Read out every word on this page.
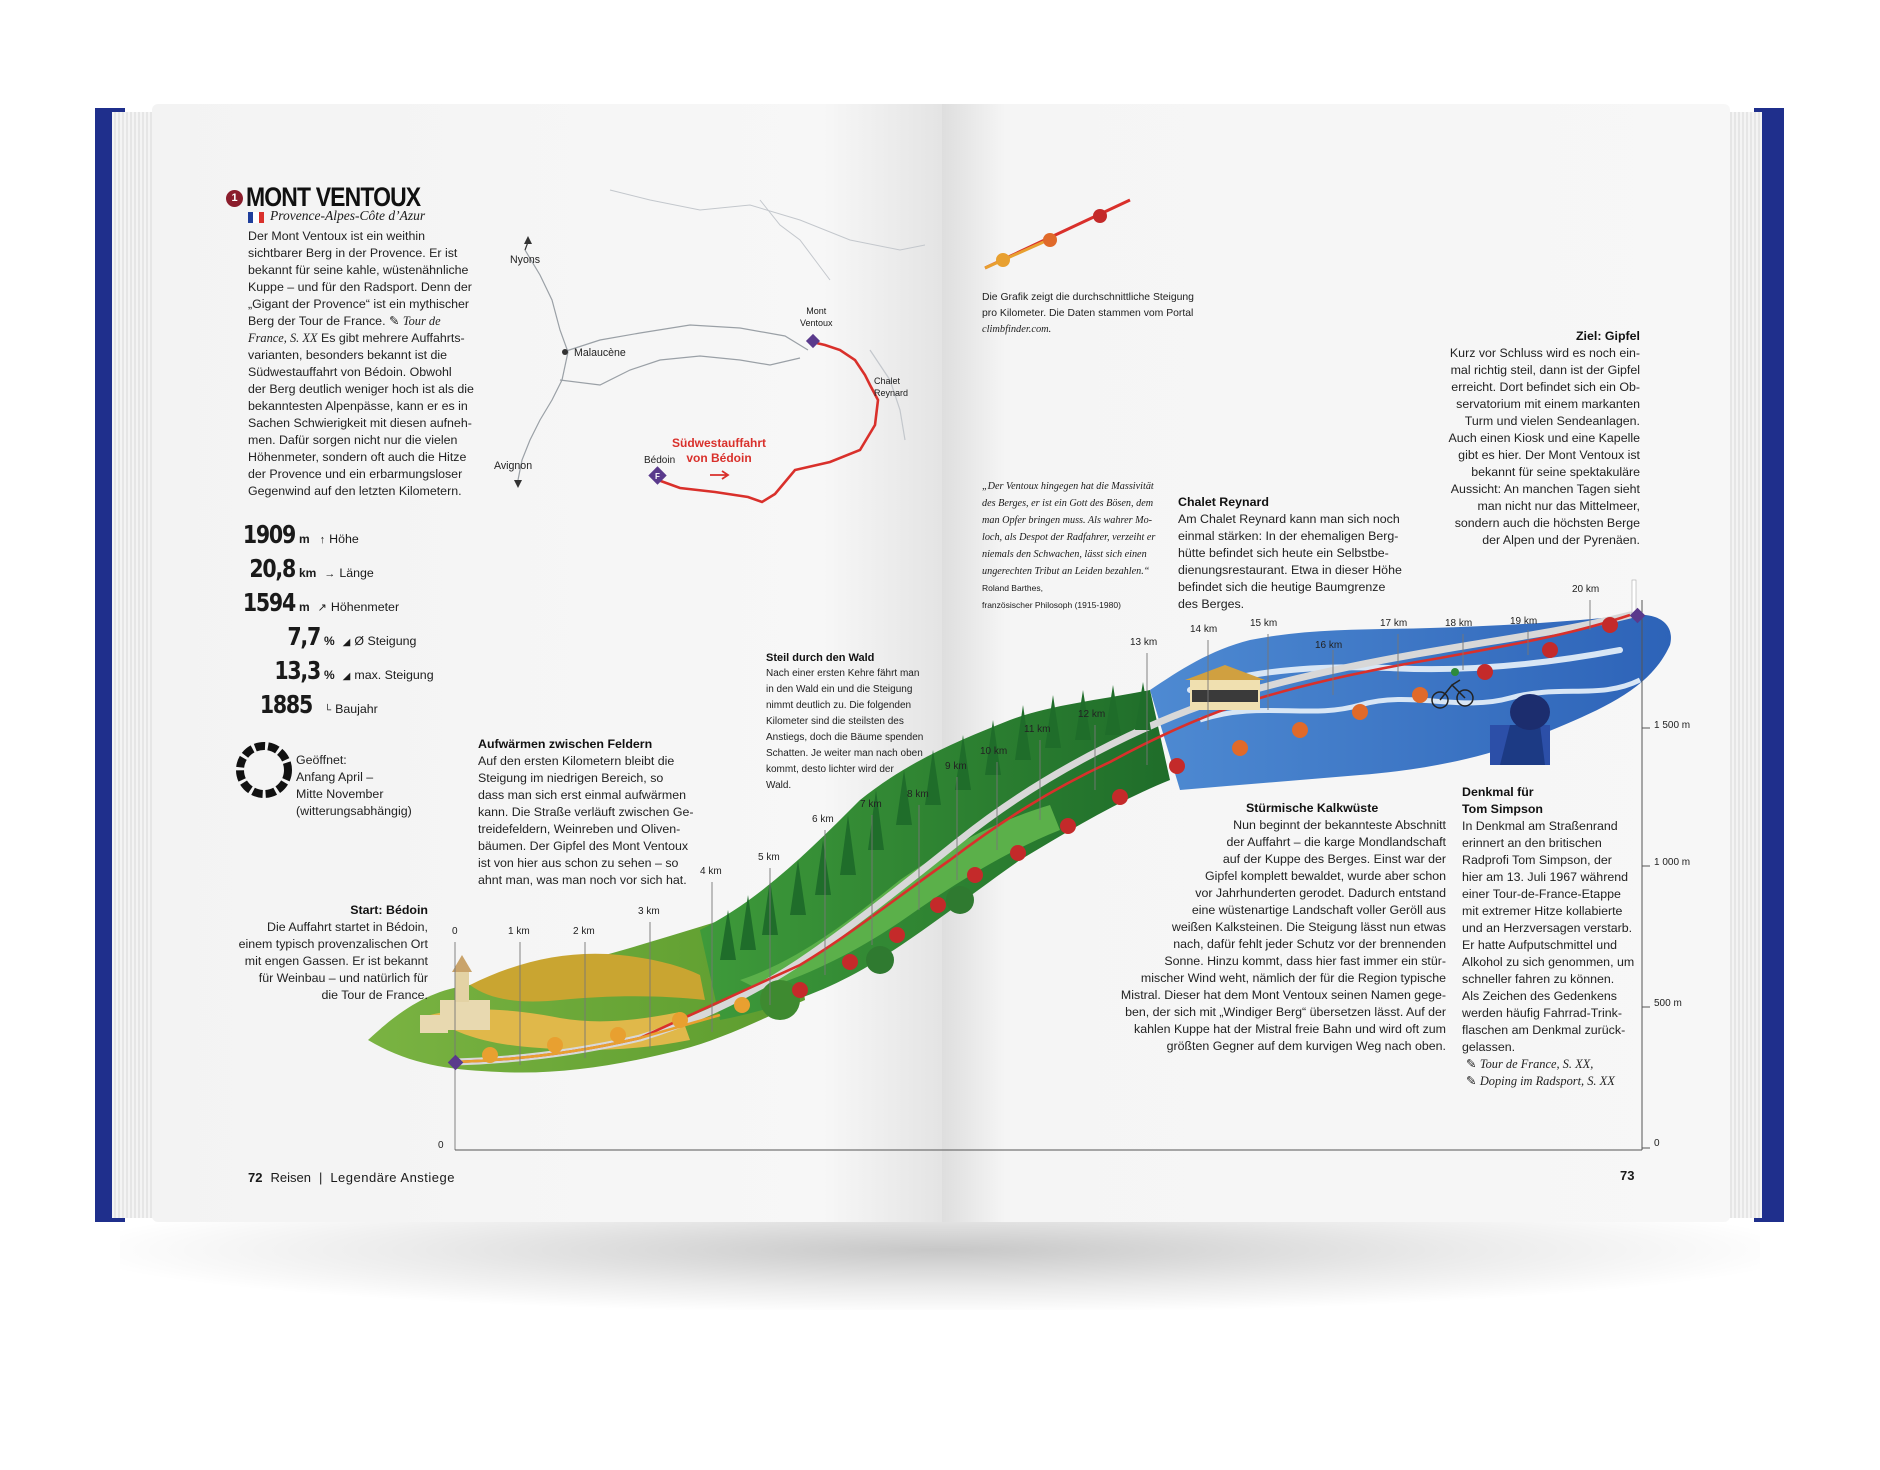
F
1 MONT VENTOUX
Provence-Alpes-Côte d’Azur
Der Mont Ventoux ist ein weithin
sichtbarer Berg in der Provence. Er ist
bekannt für seine kahle, wüstenähnliche
Kuppe – und für den Radsport. Denn der
„Gigant der Provence“ ist ein mythischer
Berg der Tour de France. ✎ Tour de
France, S. XX Es gibt mehrere Auffahrts-
varianten, besonders bekannt ist die
Südwestauffahrt von Bédoin. Obwohl
der Berg deutlich weniger hoch ist als die
bekanntesten Alpenpässe, kann er es in
Sachen Schwierigkeit mit diesen aufneh-
men. Dafür sorgen nicht nur die vielen
Höhenmeter, sondern oft auch die Hitze
der Provence und ein erbarmungsloser
Gegenwind auf den letzten Kilometern.
1909 m ↑ Höhe
20,8 km → Länge
1594 m ↗ Höhenmeter
7,7 % ◢ Ø Steigung
13,3 % ◢ max. Steigung
1885 └ Baujahr
Geöffnet:
Anfang April –
Mitte November
(witterungsabhängig)
Nyons
Malaucène
Avignon	Bédoin
Mont
Ventoux
Chalet
Reynard
Südwestauffahrt
von Bédoin
Start: Bédoin
Die Auffahrt startet in Bédoin,
einem typisch provenzalischen Ort
mit engen Gassen. Er ist bekannt
für Weinbau – und natürlich für
die Tour de France.
Aufwärmen zwischen Feldern
Auf den ersten Kilometern bleibt die
Steigung im niedrigen Bereich, so
dass man sich erst einmal aufwärmen
kann. Die Straße verläuft zwischen Ge-
treidefeldern, Weinreben und Oliven-
bäumen. Der Gipfel des Mont Ventoux
ist von hier aus schon zu sehen – so
ahnt man, was man noch vor sich hat.
Steil durch den Wald
Nach einer ersten Kehre fährt man
in den Wald ein und die Steigung
nimmt deutlich zu. Die folgenden
Kilometer sind die steilsten des
Anstiegs, doch die Bäume spenden
Schatten. Je weiter man nach oben
kommt, desto lichter wird der
Wald.
Die Grafik zeigt die durchschnittliche Steigung
pro Kilometer. Die Daten stammen vom Portal
climbfinder.com.
„Der Ventoux hingegen hat die Massivität
des Berges, er ist ein Gott des Bösen, dem
man Opfer bringen muss. Als wahrer Mo-
loch, als Despot der Radfahrer, verzeiht er
niemals den Schwachen, lässt sich einen
ungerechten Tribut an Leiden bezahlen.“
Roland Barthes,
französischer Philosoph (1915-1980)
Chalet Reynard
Am Chalet Reynard kann man sich noch
einmal stärken: In der ehemaligen Berg-
hütte befindet sich heute ein Selbstbe-
dienungsrestaurant. Etwa in dieser Höhe
befindet sich die heutige Baumgrenze
des Berges.
Ziel: Gipfel
Kurz vor Schluss wird es noch ein-
mal richtig steil, dann ist der Gipfel
erreicht. Dort befindet sich ein Ob-
servatorium mit einem markanten
Turm und vielen Sendeanlagen.
Auch einen Kiosk und eine Kapelle
gibt es hier. Der Mont Ventoux ist
bekannt für seine spektakuläre
Aussicht: An manchen Tagen sieht
man nicht nur das Mittelmeer,
sondern auch die höchsten Berge
der Alpen und der Pyrenäen.
Stürmische Kalkwüste
Nun beginnt der bekannteste Abschnitt
der Auffahrt – die karge Mondlandschaft
auf der Kuppe des Berges. Einst war der
Gipfel komplett bewaldet, wurde aber schon
vor Jahrhunderten gerodet. Dadurch entstand
eine wüstenartige Landschaft voller Geröll aus
weißen Kalksteinen. Die Steigung lässt nun etwas
nach, dafür fehlt jeder Schutz vor der brennenden
Sonne. Hinzu kommt, dass hier fast immer ein stür-
mischer Wind weht, nämlich der für die Region typische
Mistral. Dieser hat dem Mont Ventoux seinen Namen gege-
ben, der sich mit „Windiger Berg“ übersetzen lässt. Auf der
kahlen Kuppe hat der Mistral freie Bahn und wird oft zum
größten Gegner auf dem kurvigen Weg nach oben.
Denkmal für
Tom Simpson
In Denkmal am Straßenrand
erinnert an den britischen
Radprofi Tom Simpson, der
hier am 13. Juli 1967 während
einer Tour-de-France-Etappe
mit extremer Hitze kollabierte
und an Herzversagen verstarb.
Er hatte Aufputschmittel und
Alkohol zu sich genommen, um
schneller fahren zu können.
Als Zeichen des Gedenkens
werden häufig Fahrrad-Trink-
flaschen am Denkmal zurück-
gelassen.
✎ Tour de France, S. XX,
✎ Doping im Radsport, S. XX
0	1 km	2 km
3 km
4 km
5 km
6 km
7 km
8 km
9 km
10 km
11 km
12 km
13 km
14 km
15 km
16 km
17 km	18 km	19 km
20 km
0	0
500 m
1 000 m
1 500 m
72 Reisen | Legendäre Anstiege	73
